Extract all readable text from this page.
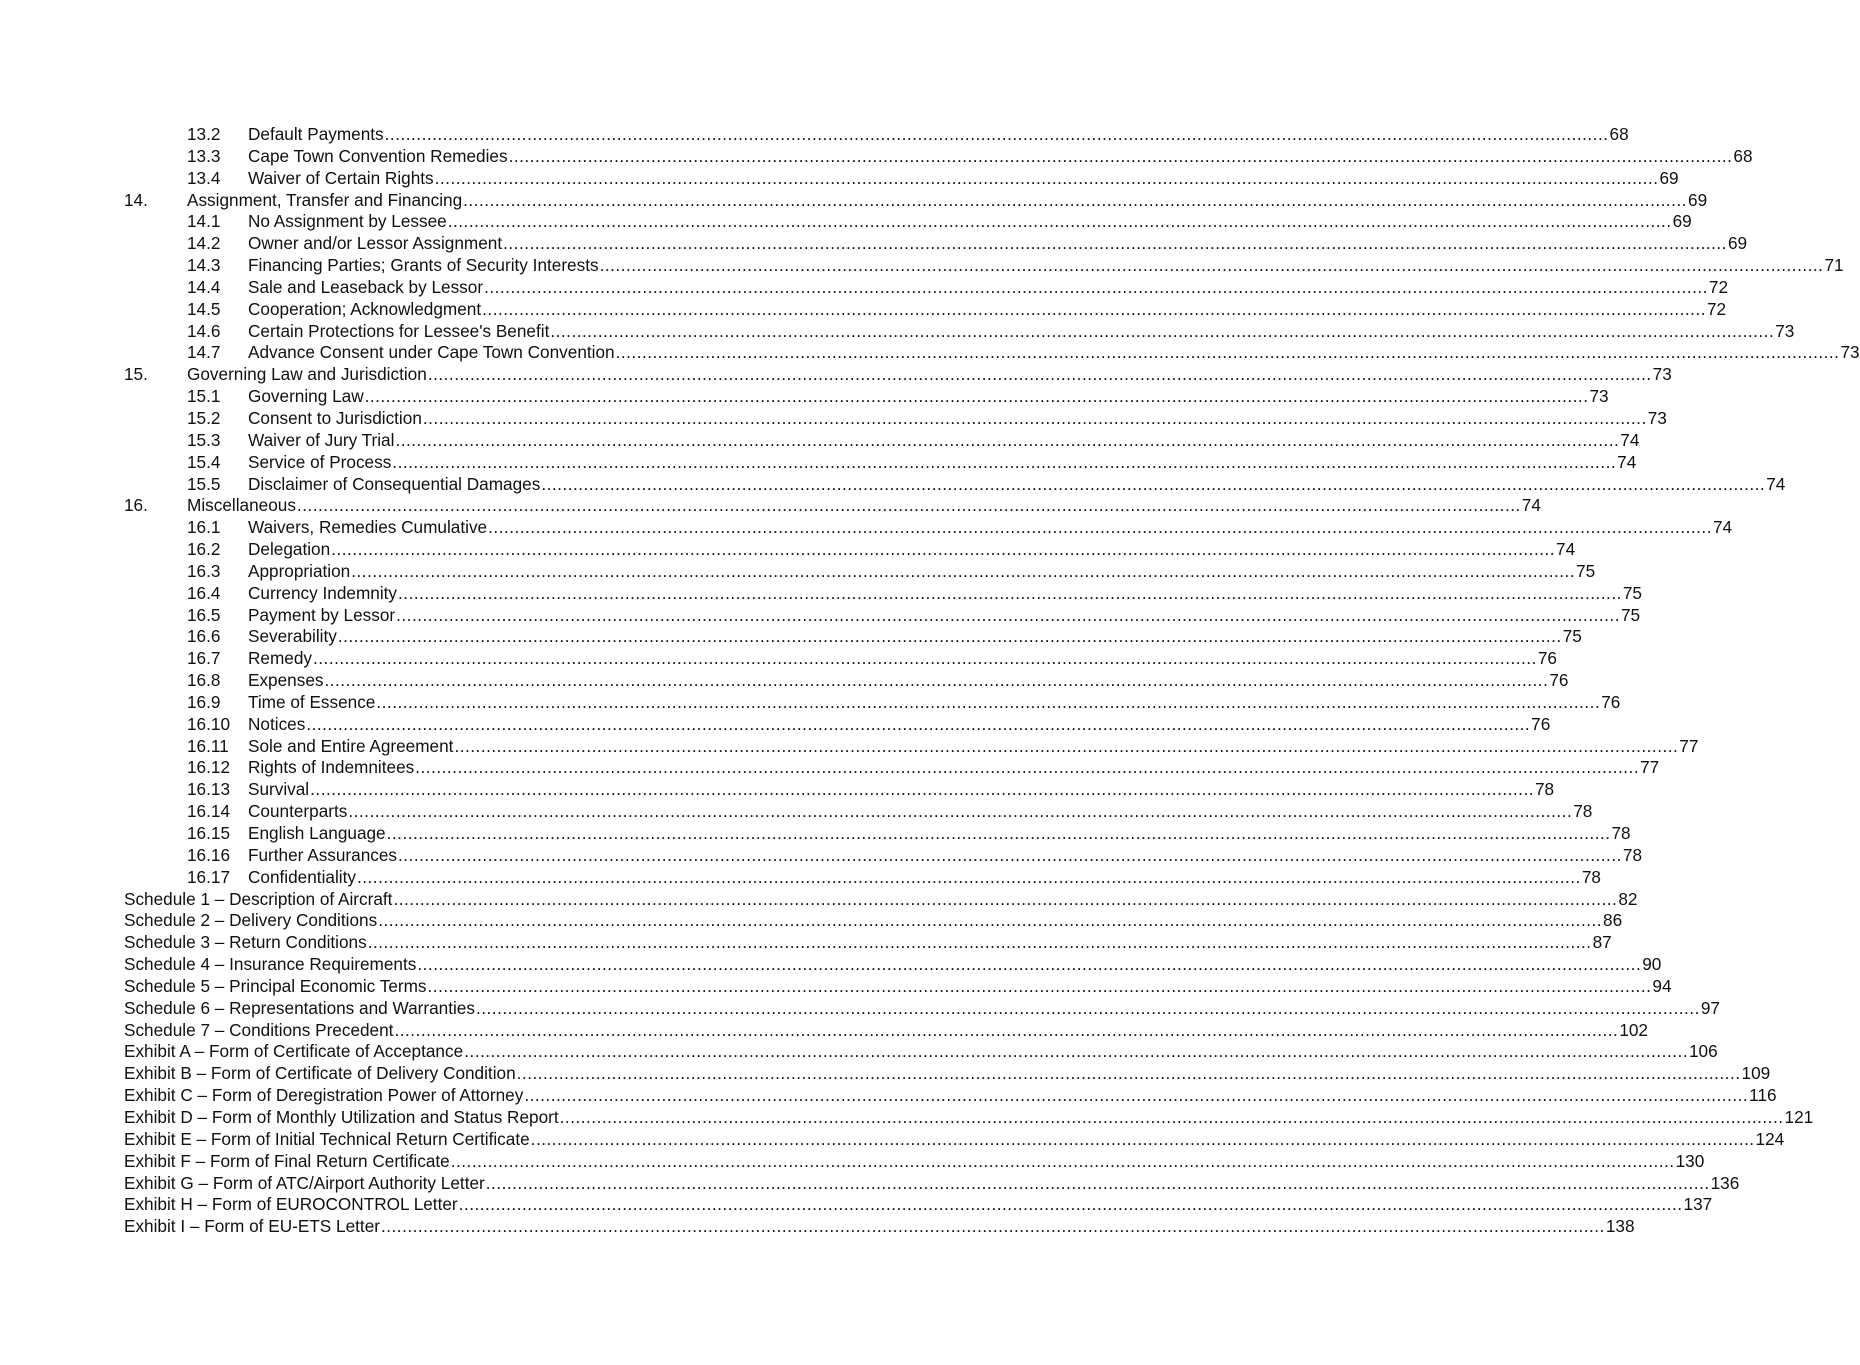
13.2	Default Payments .....	68
13.3	Cape Town Convention Remedies .....	68
13.4	Waiver of Certain Rights .....	69
14.	Assignment, Transfer and Financing .....	69
14.1	No Assignment by Lessee .....	69
14.2	Owner and/or Lessor Assignment .....	69
14.3	Financing Parties; Grants of Security Interests .....	71
14.4	Sale and Leaseback by Lessor .....	72
14.5	Cooperation; Acknowledgment .....	72
14.6	Certain Protections for Lessee's Benefit .....	73
14.7	Advance Consent under Cape Town Convention .....	73
15.	Governing Law and Jurisdiction .....	73
15.1	Governing Law .....	73
15.2	Consent to Jurisdiction .....	73
15.3	Waiver of Jury Trial .....	74
15.4	Service of Process .....	74
15.5	Disclaimer of Consequential Damages .....	74
16.	Miscellaneous .....	74
16.1	Waivers, Remedies Cumulative .....	74
16.2	Delegation .....	74
16.3	Appropriation .....	75
16.4	Currency Indemnity .....	75
16.5	Payment by Lessor .....	75
16.6	Severability .....	75
16.7	Remedy .....	76
16.8	Expenses .....	76
16.9	Time of Essence .....	76
16.10	Notices .....	76
16.11	Sole and Entire Agreement .....	77
16.12	Rights of Indemnitees .....	77
16.13	Survival .....	78
16.14	Counterparts .....	78
16.15	English Language .....	78
16.16	Further Assurances .....	78
16.17	Confidentiality .....	78
Schedule 1 – Description of Aircraft .....	82
Schedule 2 – Delivery Conditions .....	86
Schedule 3 – Return Conditions .....	87
Schedule 4 – Insurance Requirements .....	90
Schedule 5 – Principal Economic Terms .....	94
Schedule 6 – Representations and Warranties .....	97
Schedule 7 – Conditions Precedent .....	102
Exhibit A – Form of Certificate of Acceptance .....	106
Exhibit B – Form of Certificate of Delivery Condition .....	109
Exhibit C – Form of Deregistration Power of Attorney .....	116
Exhibit D – Form of Monthly Utilization and Status Report .....	121
Exhibit E – Form of Initial Technical Return Certificate .....	124
Exhibit F – Form of Final Return Certificate .....	130
Exhibit G – Form of ATC/Airport Authority Letter .....	136
Exhibit H – Form of EUROCONTROL Letter .....	137
Exhibit I – Form of EU-ETS Letter .....	138
